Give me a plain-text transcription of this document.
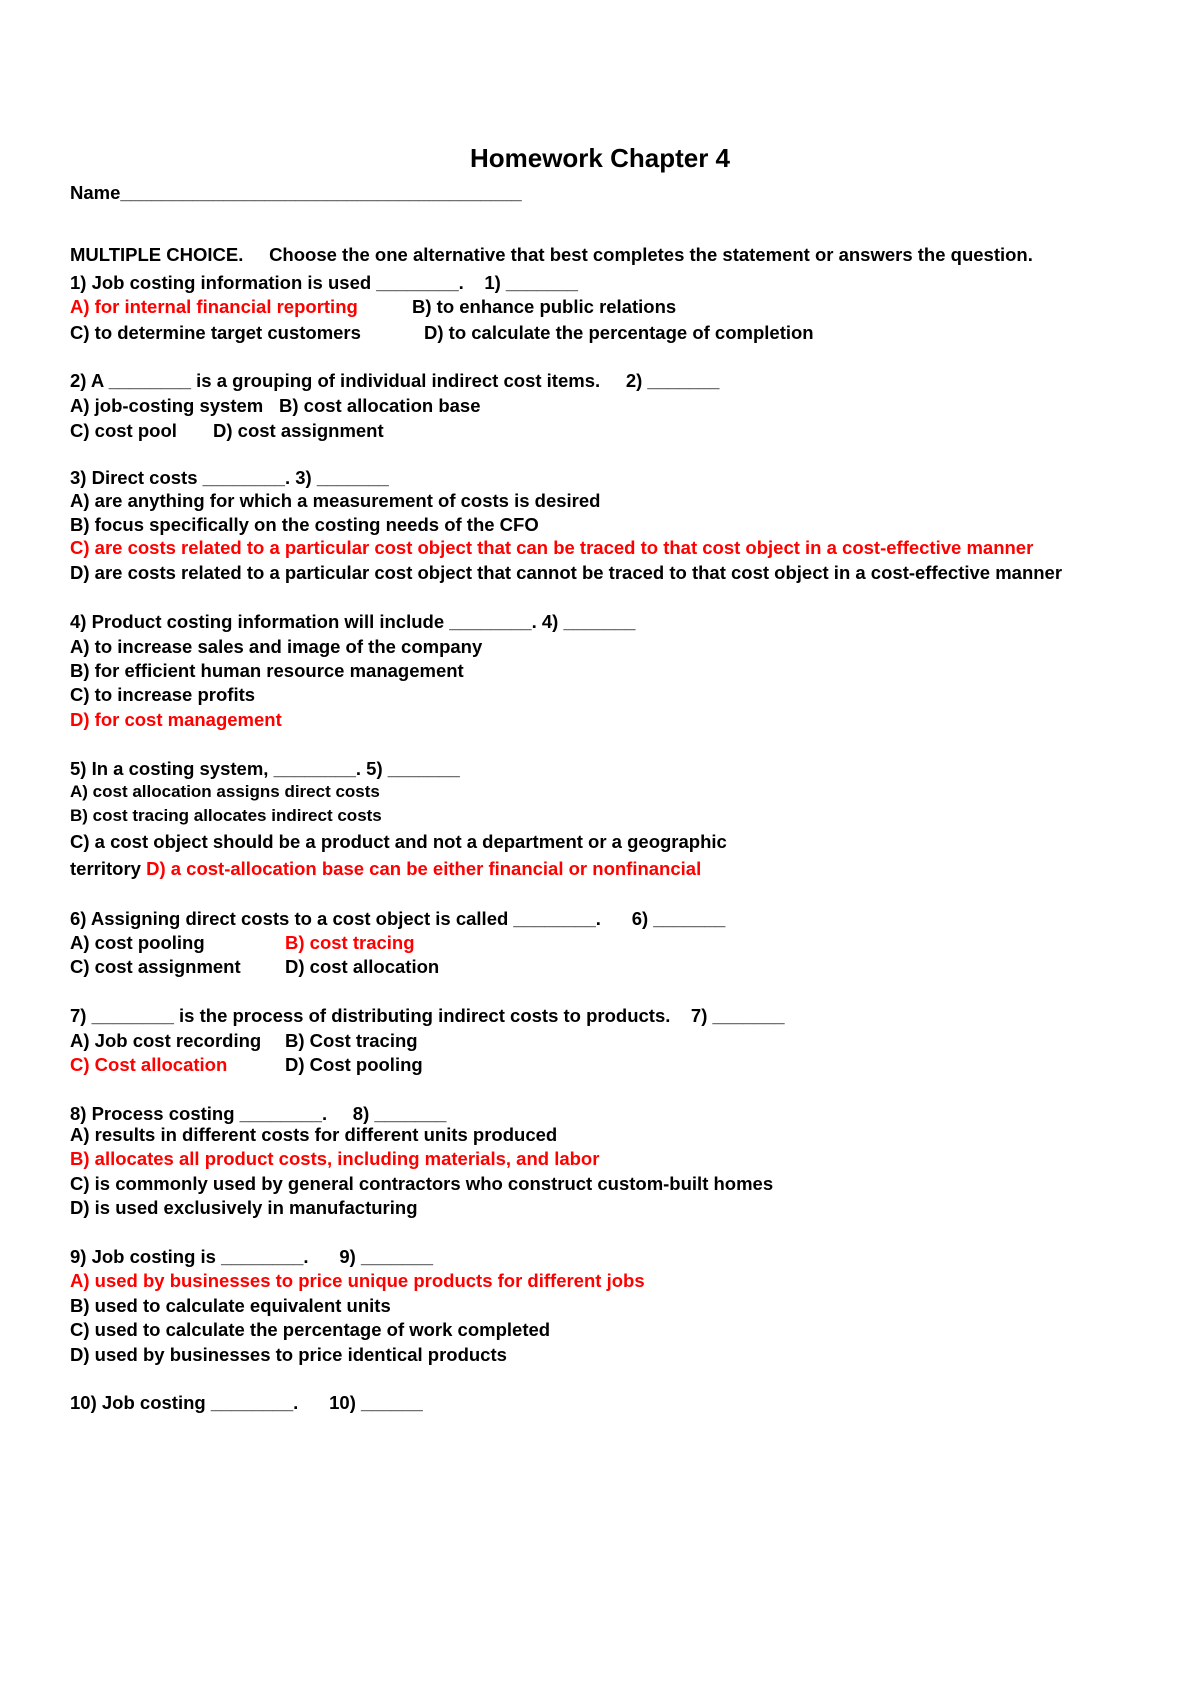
Homework Chapter 4
Name_______________________________________
MULTIPLE CHOICE. Choose the one alternative that best completes the statement or answers the question.
1) Job costing information is used ________.    1) _______
A) for internal financial reporting	B) to enhance public relations
C) to determine target customers	D) to calculate the percentage of completion
2) A ________ is a grouping of individual indirect cost items.     2) _______
A) job-costing system B) cost allocation base
C) cost pool D) cost assignment
3) Direct costs ________. 3) _______
A) are anything for which a measurement of costs is desired
B) focus specifically on the costing needs of the CFO
C) are costs related to a particular cost object that can be traced to that cost object in a cost-effective manner
D) are costs related to a particular cost object that cannot be traced to that cost object in a cost-effective manner
4) Product costing information will include ________. 4) _______
A) to increase sales and image of the company
B) for efficient human resource management
C) to increase profits
D) for cost management
5) In a costing system, ________. 5) _______
A) cost allocation assigns direct costs
B) cost tracing allocates indirect costs
C) a cost object should be a product and not a department or a geographic
territory D) a cost-allocation base can be either financial or nonfinancial
6) Assigning direct costs to a cost object is called ________.      6) _______
A) cost pooling	B) cost tracing
C) cost assignment D) cost allocation
7) ________ is the process of distributing indirect costs to products.    7) _______
A) Job cost recording B) Cost tracing
C) Cost allocation	D) Cost pooling
8) Process costing ________.     8) _______
A) results in different costs for different units produced
B) allocates all product costs, including materials, and labor
C) is commonly used by general contractors who construct custom-built homes
D) is used exclusively in manufacturing
9) Job costing is ________.      9) _______
A) used by businesses to price unique products for different jobs
B) used to calculate equivalent units
C) used to calculate the percentage of work completed
D) used by businesses to price identical products
10) Job costing ________.      10) ______
